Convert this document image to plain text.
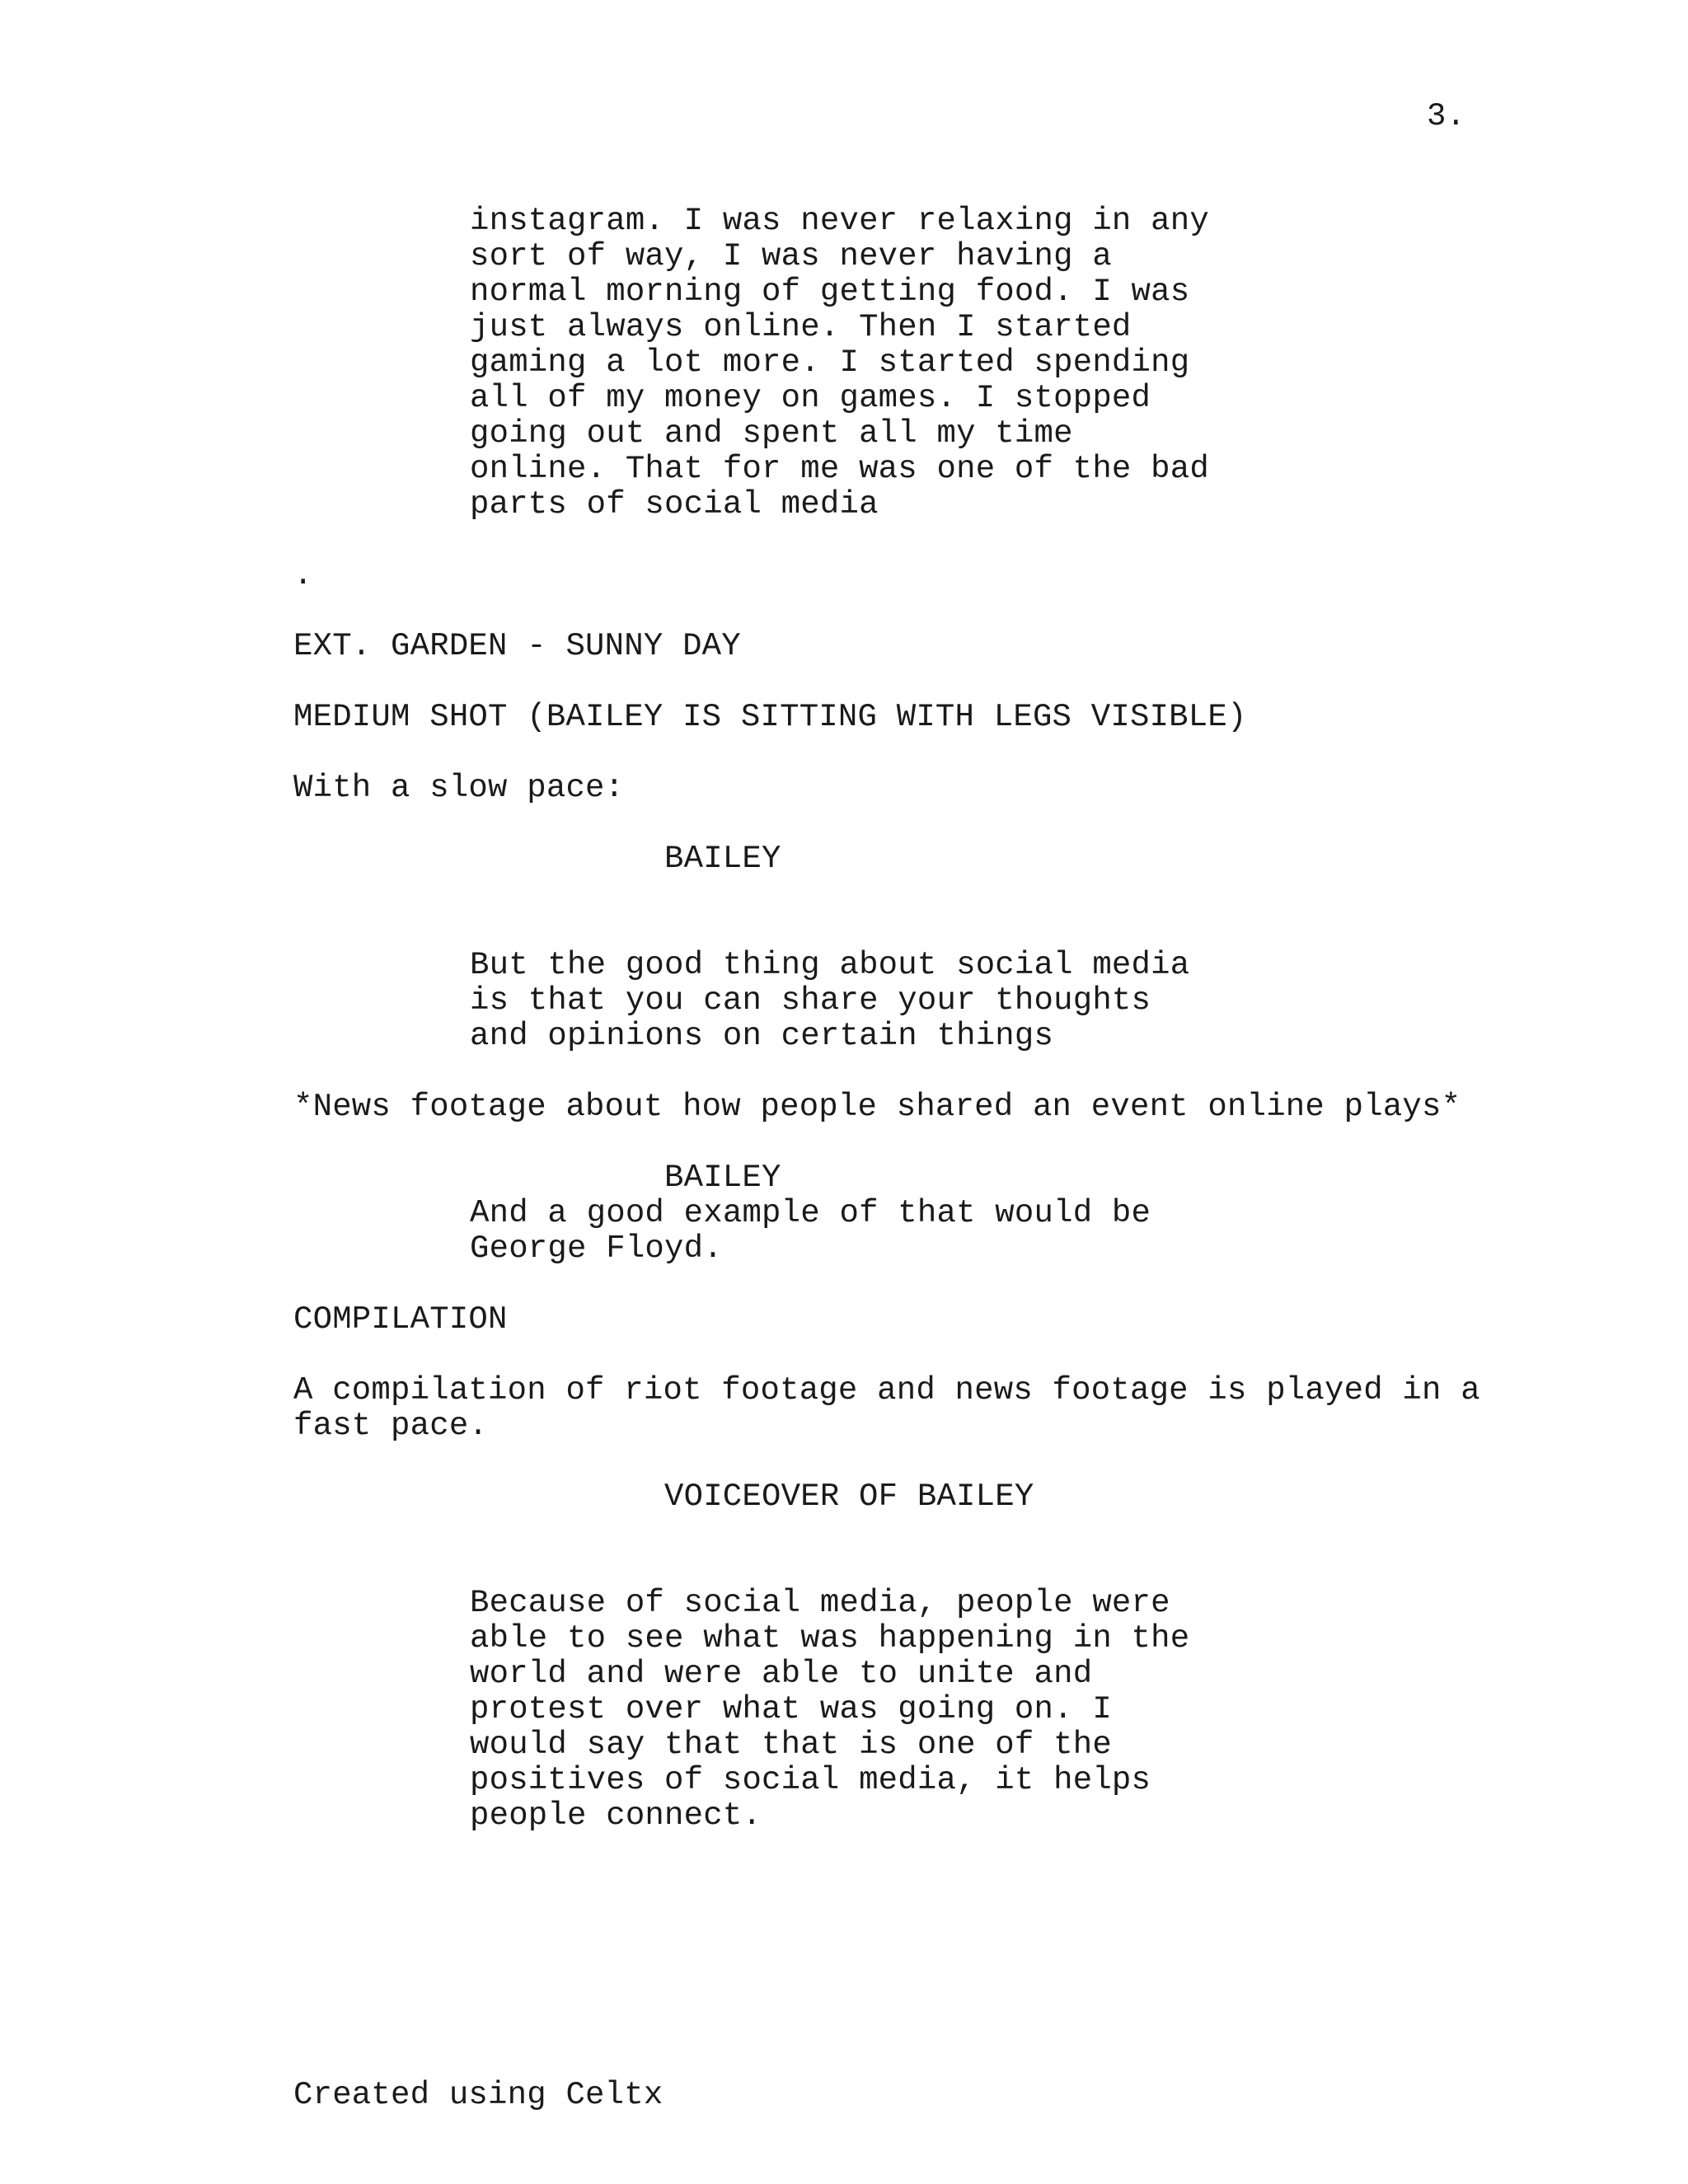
3.
instagram. I was never relaxing in any
sort of way, I was never having a
normal morning of getting food. I was
just always online. Then I started
gaming a lot more. I started spending
all of my money on games. I stopped
going out and spent all my time
online. That for me was one of the bad
parts of social media
.
EXT. GARDEN - SUNNY DAY
MEDIUM SHOT (BAILEY IS SITTING WITH LEGS VISIBLE)
With a slow pace:
BAILEY
But the good thing about social media
is that you can share your thoughts
and opinions on certain things
*News footage about how people shared an event online plays*
BAILEY
And a good example of that would be
George Floyd.
COMPILATION
A compilation of riot footage and news footage is played in a
fast pace.
VOICEOVER OF BAILEY
Because of social media, people were
able to see what was happening in the
world and were able to unite and
protest over what was going on. I
would say that that is one of the
positives of social media, it helps
people connect.
Created using Celtx
